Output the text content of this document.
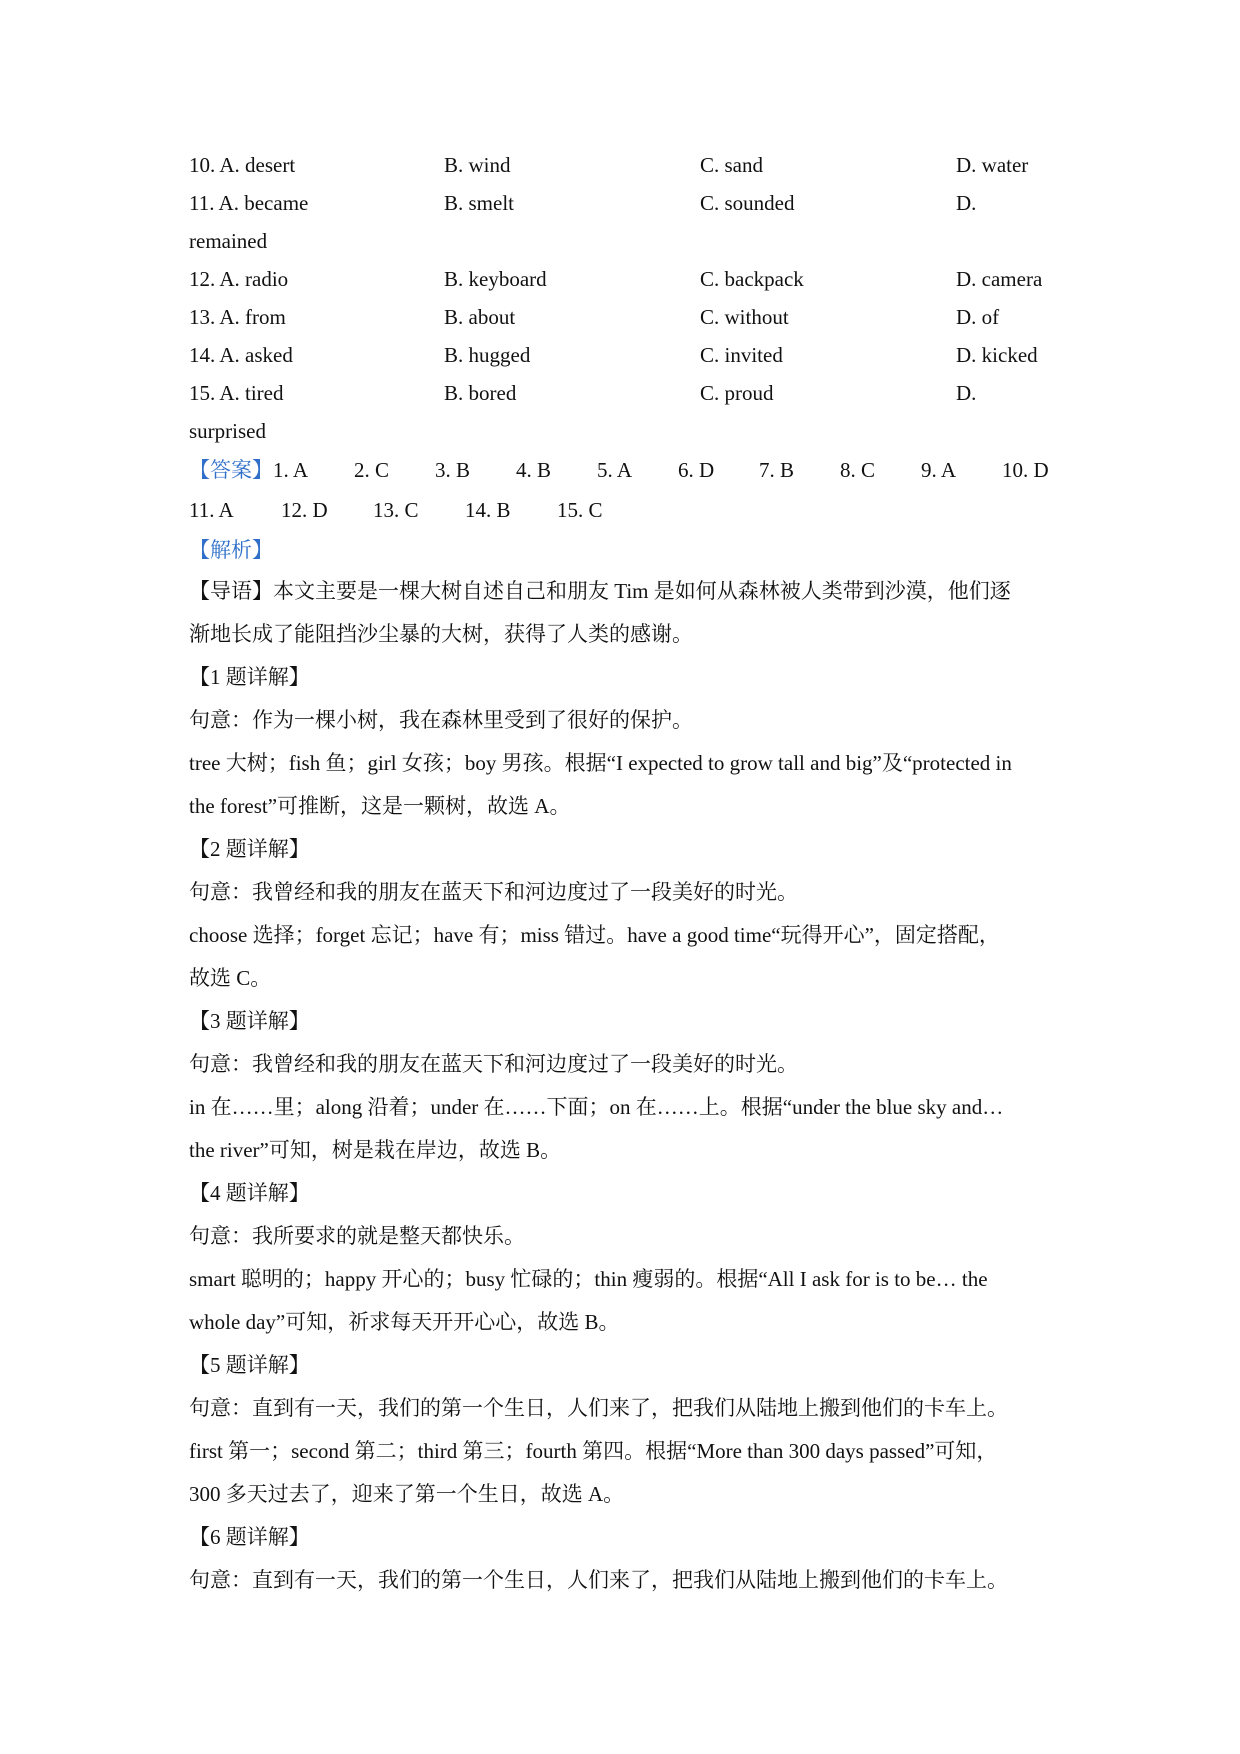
10. A. desert	B. wind	C. sand	D. water
11. A. became	B. smelt	C. sounded	D.
remained
12. A. radio	B. keyboard	C. backpack	D. camera
13. A. from	B. about	C. without	D. of
14. A. asked	B. hugged	C. invited	D. kicked
15. A. tired	B. bored	C. proud	D.
surprised
【答案】1. A 2. C 3. B 4. B 5. A 6. D 7. B 8. C 9. A 10. D
11. A 12. D 13. C 14. B 15. C
【解析】
【导语】本文主要是一棵大树自述自己和朋友 Tim 是如何从森林被人类带到沙漠，他们逐
渐地长成了能阻挡沙尘暴的大树，获得了人类的感谢。
【1 题详解】
句意：作为一棵小树，我在森林里受到了很好的保护。
tree 大树；fish 鱼；girl 女孩；boy 男孩。根据“I expected to grow tall and big”及“protected in
the forest”可推断，这是一颗树，故选 A。
【2 题详解】
句意：我曾经和我的朋友在蓝天下和河边度过了一段美好的时光。
choose 选择；forget 忘记；have 有；miss 错过。have a good time“玩得开心”，固定搭配，
故选 C。
【3 题详解】
句意：我曾经和我的朋友在蓝天下和河边度过了一段美好的时光。
in 在……里；along 沿着；under 在……下面；on 在……上。根据“under the blue sky and…
the river”可知，树是栽在岸边，故选 B。
【4 题详解】
句意：我所要求的就是整天都快乐。
smart 聪明的；happy 开心的；busy 忙碌的；thin 瘦弱的。根据“All I ask for is to be… the
whole day”可知，祈求每天开开心心，故选 B。
【5 题详解】
句意：直到有一天，我们的第一个生日，人们来了，把我们从陆地上搬到他们的卡车上。
first 第一；second 第二；third 第三；fourth 第四。根据“More than 300 days passed”可知，
300 多天过去了，迎来了第一个生日，故选 A。
【6 题详解】
句意：直到有一天，我们的第一个生日，人们来了，把我们从陆地上搬到他们的卡车上。
